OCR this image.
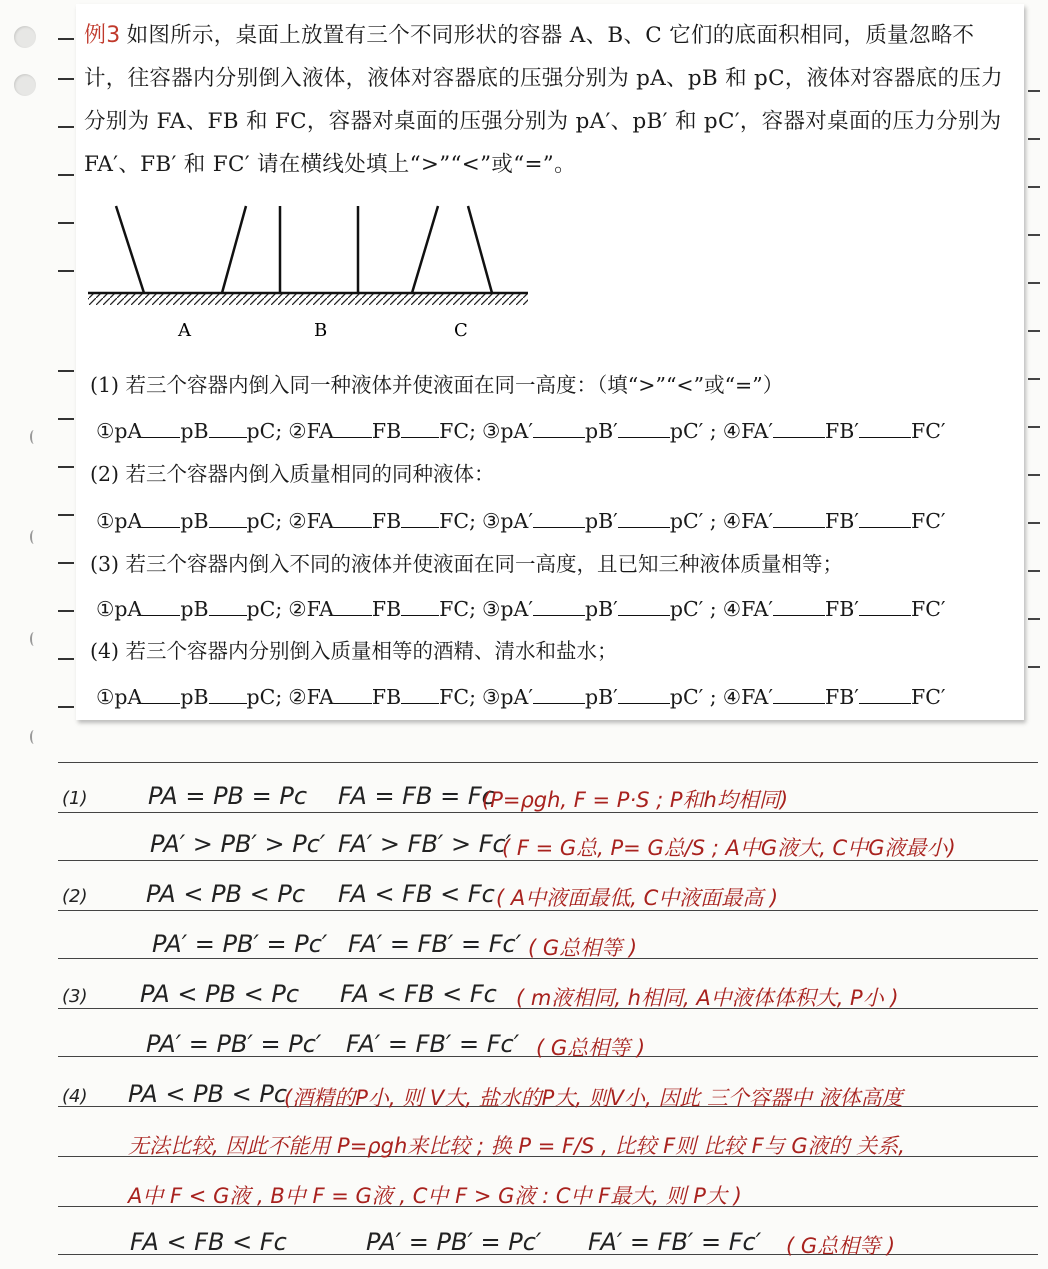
例3 如图所示，桌面上放置有三个不同形状的容器 A、B、C 它们的底面积相同，质量忽略不计，往容器内分别倒入液体，液体对容器底的压强分别为 pA、pB 和 pC，液体对容器底的压力分别为 FA、FB 和 FC，容器对桌面的压强分别为 pA′、pB′ 和 pC′，容器对桌面的压力分别为 FA′、FB′ 和 FC′ 请在横线处填上“>”“<”或“=”。
A	B	C
(1) 若三个容器内倒入同一种液体并使液面在同一高度：（填“>”“<”或“=”）
①pA pB pC; ②FA FB FC; ③pA′	pB′	pC′ ; ④FA′	FB′	FC′
(2) 若三个容器内倒入质量相同的同种液体：
①pA pB pC; ②FA FB FC; ③pA′	pB′	pC′ ; ④FA′	FB′	FC′
(3) 若三个容器内倒入不同的液体并使液面在同一高度，且已知三种液体质量相等；
①pA pB pC; ②FA FB FC; ③pA′	pB′	pC′ ; ④FA′	FB′	FC′
(4) 若三个容器内分别倒入质量相等的酒精、清水和盐水；
①pA pB pC; ②FA FB FC; ③pA′	pB′	pC′ ; ④FA′	FB′	FC′
(1)	PA = PB = Pc FA = FB = Fc
(P=ρgh, F = P·S ; P和h均相同)
PA′ > PB′ > Pc′ FA′ > FB′ > Fc′
( F = G总, P= G总/S ; A中G液大, C中G液最小)
(2) PA < PB < Pc FA < FB < Fc ( A中液面最低, C中液面最高 )
PA′ = PB′ = Pc′ FA′ = FB′ = Fc′ ( G总相等 )
(3) PA < PB < Pc FA < FB < Fc ( m液相同, h相同, A中液体体积大, P小 )
PA′ = PB′ = Pc′ FA′ = FB′ = Fc′ ( G总相等 )
(4) PA < PB < Pc
(酒精的P小, 则 V大, 盐水的P大, 则V小, 因此 三个容器中 液体高度
无法比较, 因此不能用 P=ρgh来比较 ; 换 P = F/S , 比较 F则 比较 F与 G液的 关系,
A中 F < G液 , B中 F = G液 , C中 F > G液 : C中 F最大, 则 P大 )
FA < FB < Fc	PA′ = PB′ = Pc′ FA′ = FB′ = Fc′ ( G总相等 )
